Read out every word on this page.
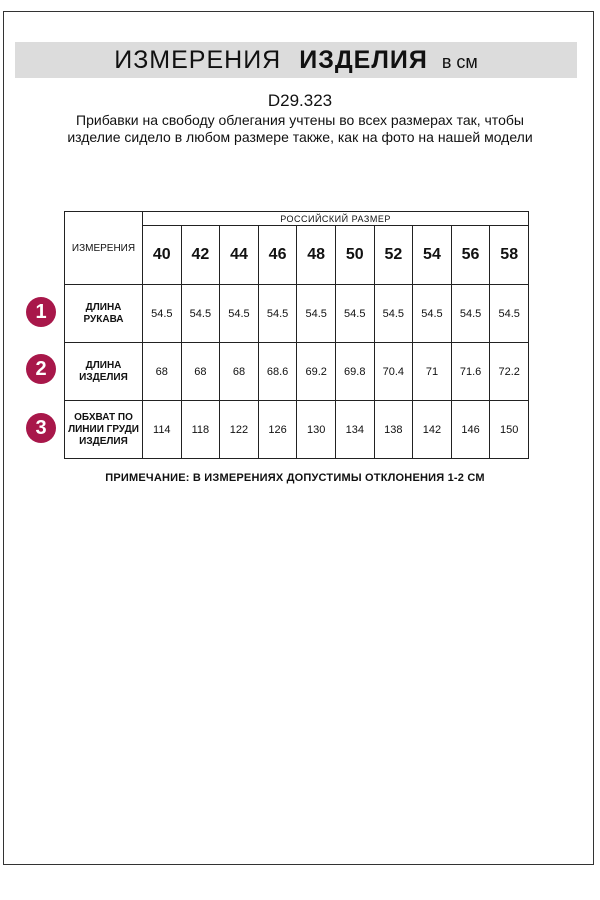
ИЗМЕРЕНИЯ ИЗДЕЛИЯ в см
D29.323
Прибавки на свободу облегания учтены во всех размерах так, чтобы изделие сидело в любом размере также, как на фото на нашей модели
ИЗМЕРЕНИЯ	РОССИЙСКИЙ РАЗМЕР									
	40	42	44	46	48	50	52	54	56	58
ДЛИНА РУКАВА	54.5	54.5	54.5	54.5	54.5	54.5	54.5	54.5	54.5	54.5
ДЛИНА ИЗДЕЛИЯ	68	68	68	68.6	69.2	69.8	70.4	71	71.6	72.2
ОБХВАТ ПО ЛИНИИ ГРУДИ ИЗДЕЛИЯ	114	118	122	126	130	134	138	142	146	150
1
2
3
ПРИМЕЧАНИЕ: В ИЗМЕРЕНИЯХ ДОПУСТИМЫ ОТКЛОНЕНИЯ 1-2 СМ
